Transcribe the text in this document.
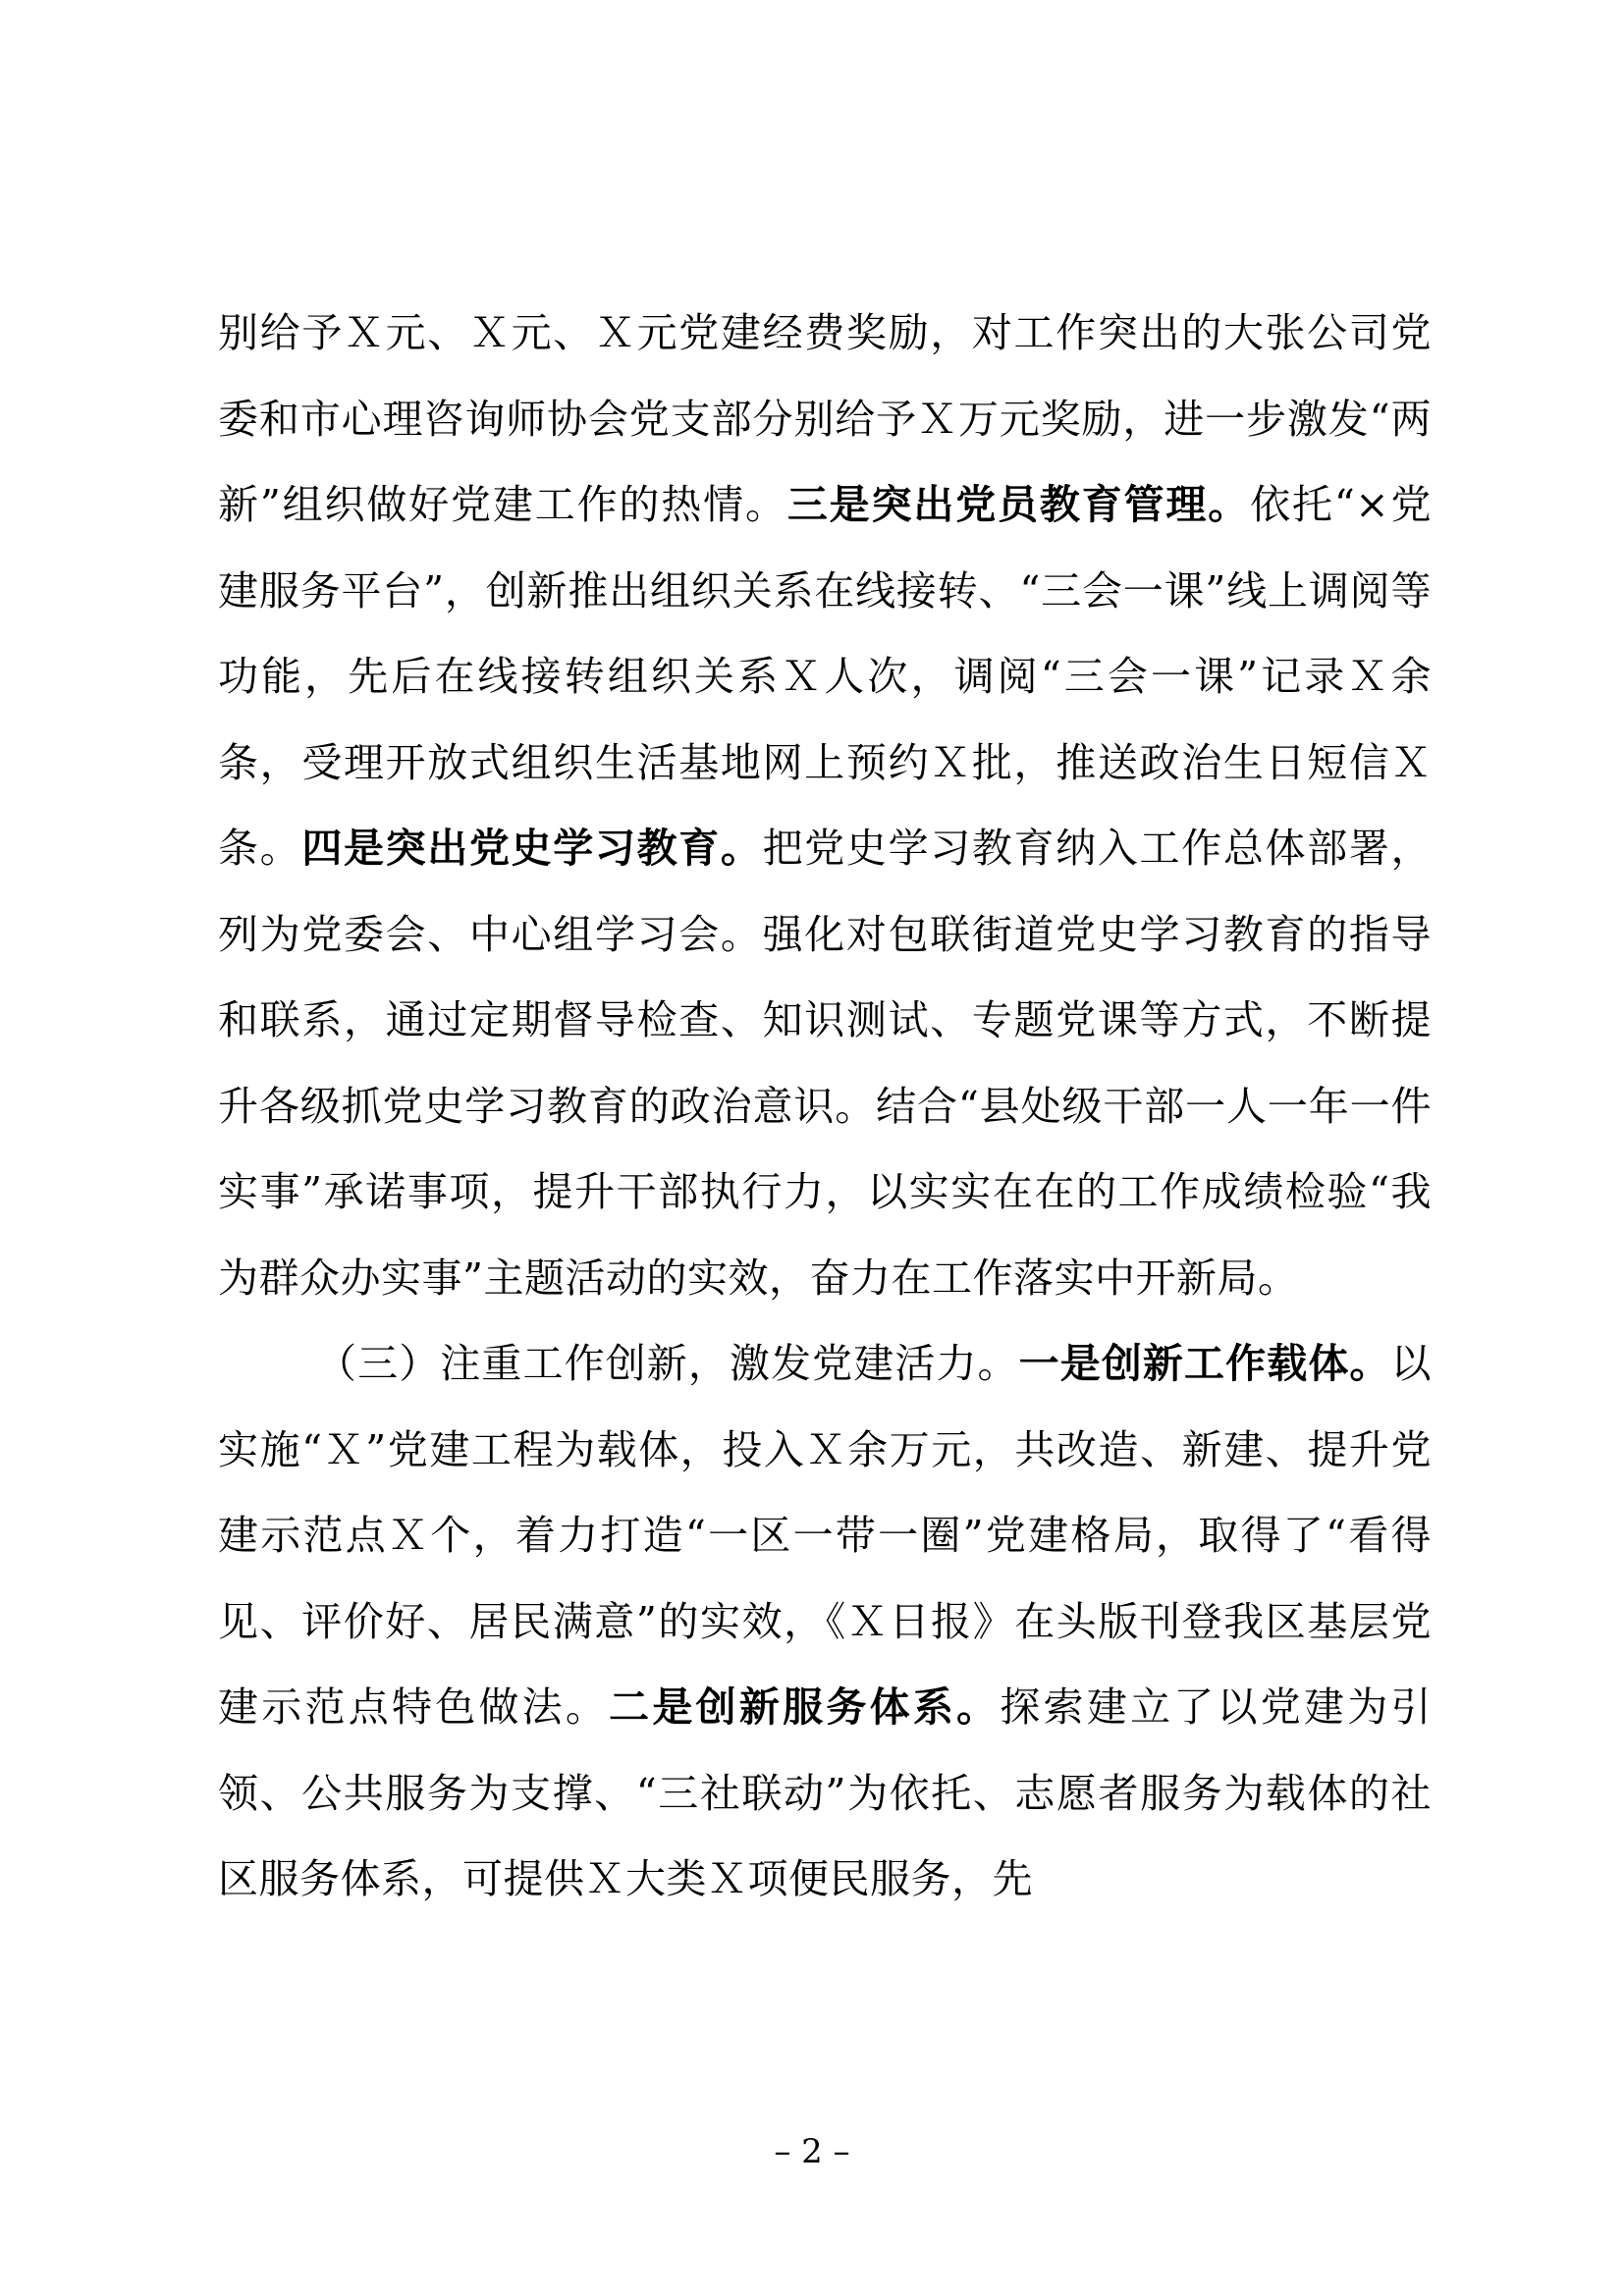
别给予Ｘ元、Ｘ元、Ｘ元党建经费奖励，对工作突出的大张公司党委和市心理咨询师协会党支部分别给予Ｘ万元奖励，进一步激发“两新”组织做好党建工作的热情。三是突出党员教育管理。依托“×党建服务平台”，创新推出组织关系在线接转、“三会一课”线上调阅等功能，先后在线接转组织关系Ｘ人次，调阅“三会一课”记录Ｘ余条，受理开放式组织生活基地网上预约Ｘ批，推送政治生日短信Ｘ条。四是突出党史学习教育。把党史学习教育纳入工作总体部署，列为党委会、中心组学习会。强化对包联街道党史学习教育的指导和联系，通过定期督导检查、知识测试、专题党课等方式，不断提升各级抓党史学习教育的政治意识。结合“县处级干部一人一年一件实事”承诺事项，提升干部执行力，以实实在在的工作成绩检验“我为群众办实事”主题活动的实效，奋力在工作落实中开新局。

（三）注重工作创新，激发党建活力。一是创新工作载体。以实施“Ｘ”党建工程为载体，投入Ｘ余万元，共改造、新建、提升党建示范点Ｘ个，着力打造“一区一带一圈”党建格局，取得了“看得见、评价好、居民满意”的实效，《Ｘ日报》在头版刊登我区基层党建示范点特色做法。二是创新服务体系。探索建立了以党建为引领、公共服务为支撑、“三社联动”为依托、志愿者服务为载体的社区服务体系，可提供Ｘ大类Ｘ项便民服务，先

– 2 –
